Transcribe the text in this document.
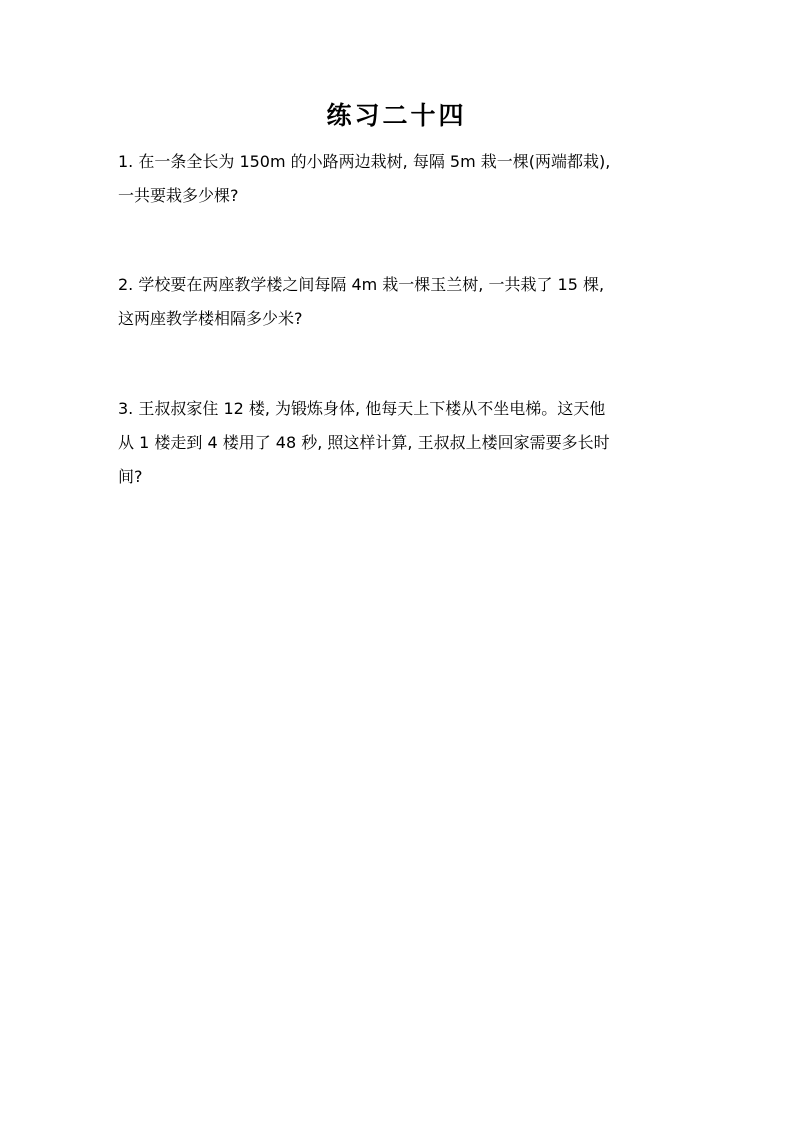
练习二十四
1. 在一条全长为 150m 的小路两边栽树, 每隔 5m 栽一棵(两端都栽),
一共要栽多少棵?
2. 学校要在两座教学楼之间每隔 4m 栽一棵玉兰树, 一共栽了 15 棵,
这两座教学楼相隔多少米?
3. 王叔叔家住 12 楼, 为锻炼身体, 他每天上下楼从不坐电梯。这天他
从 1 楼走到 4 楼用了 48 秒, 照这样计算, 王叔叔上楼回家需要多长时
间?
